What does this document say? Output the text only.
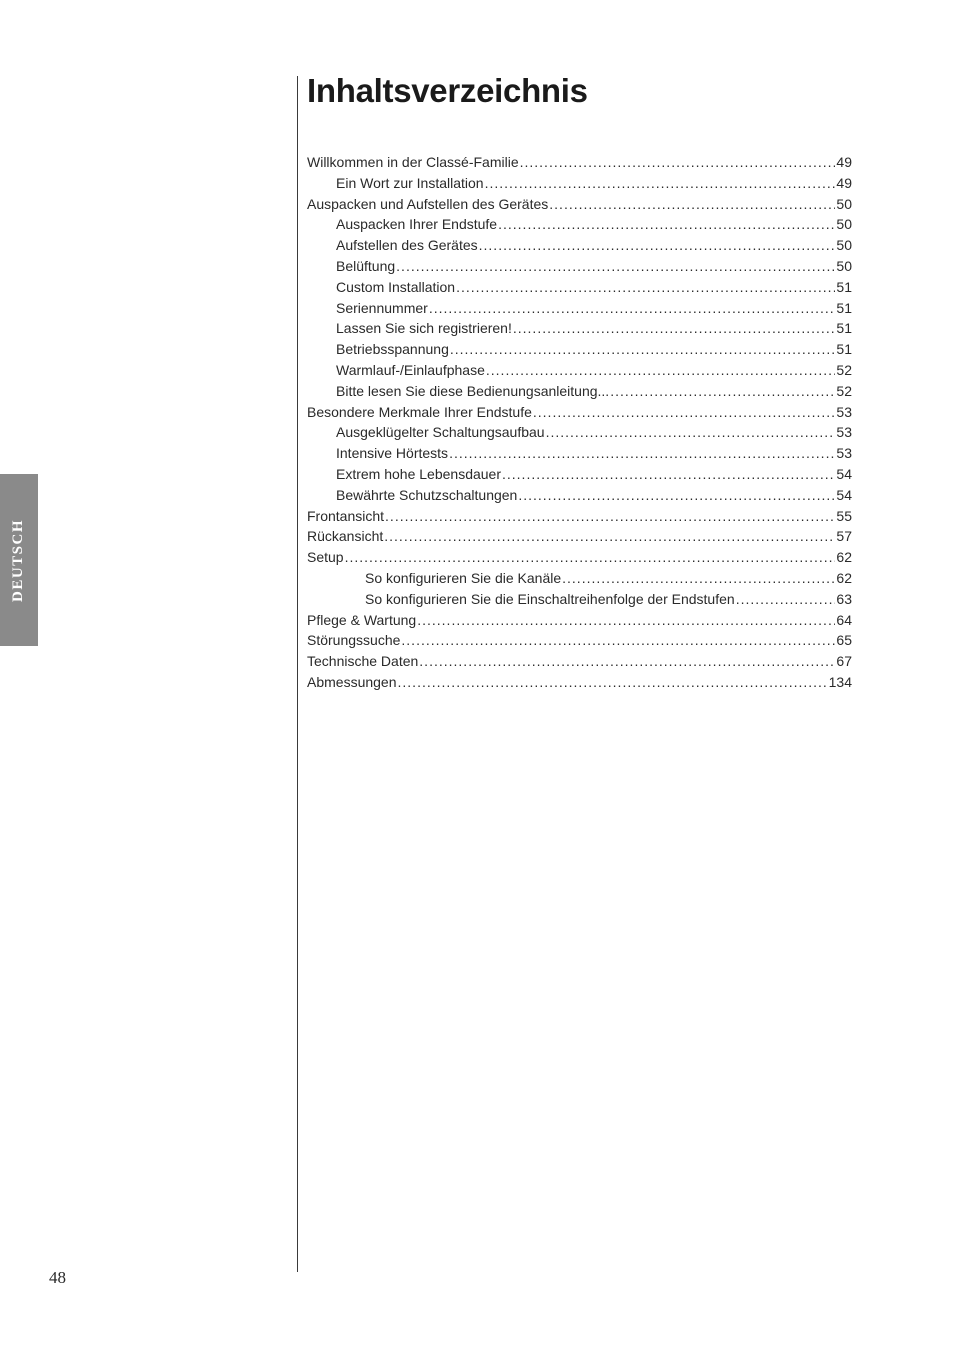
DEUTSCH
Inhaltsverzeichnis
Willkommen in der Classé-Familie .....	49
Ein Wort zur Installation .....	49
Auspacken und Aufstellen des Gerätes .....	50
Auspacken Ihrer Endstufe .....	50
Aufstellen des Gerätes .....	50
Belüftung .....	50
Custom Installation .....	51
Seriennummer .....	51
Lassen Sie sich registrieren! .....	51
Betriebsspannung .....	51
Warmlauf-/Einlaufphase .....	52
Bitte lesen Sie diese Bedienungsanleitung... .....	52
Besondere Merkmale Ihrer Endstufe .....	53
Ausgeklügelter Schaltungsaufbau .....	53
Intensive Hörtests .....	53
Extrem hohe Lebensdauer .....	54
Bewährte Schutzschaltungen .....	54
Frontansicht .....	55
Rückansicht .....	57
Setup .....	62
So konfigurieren Sie die Kanäle .....	62
So konfigurieren Sie die Einschaltreihenfolge der Endstufen .....	63
Pflege & Wartung .....	64
Störungssuche .....	65
Technische Daten .....	67
Abmessungen .....	134
48
